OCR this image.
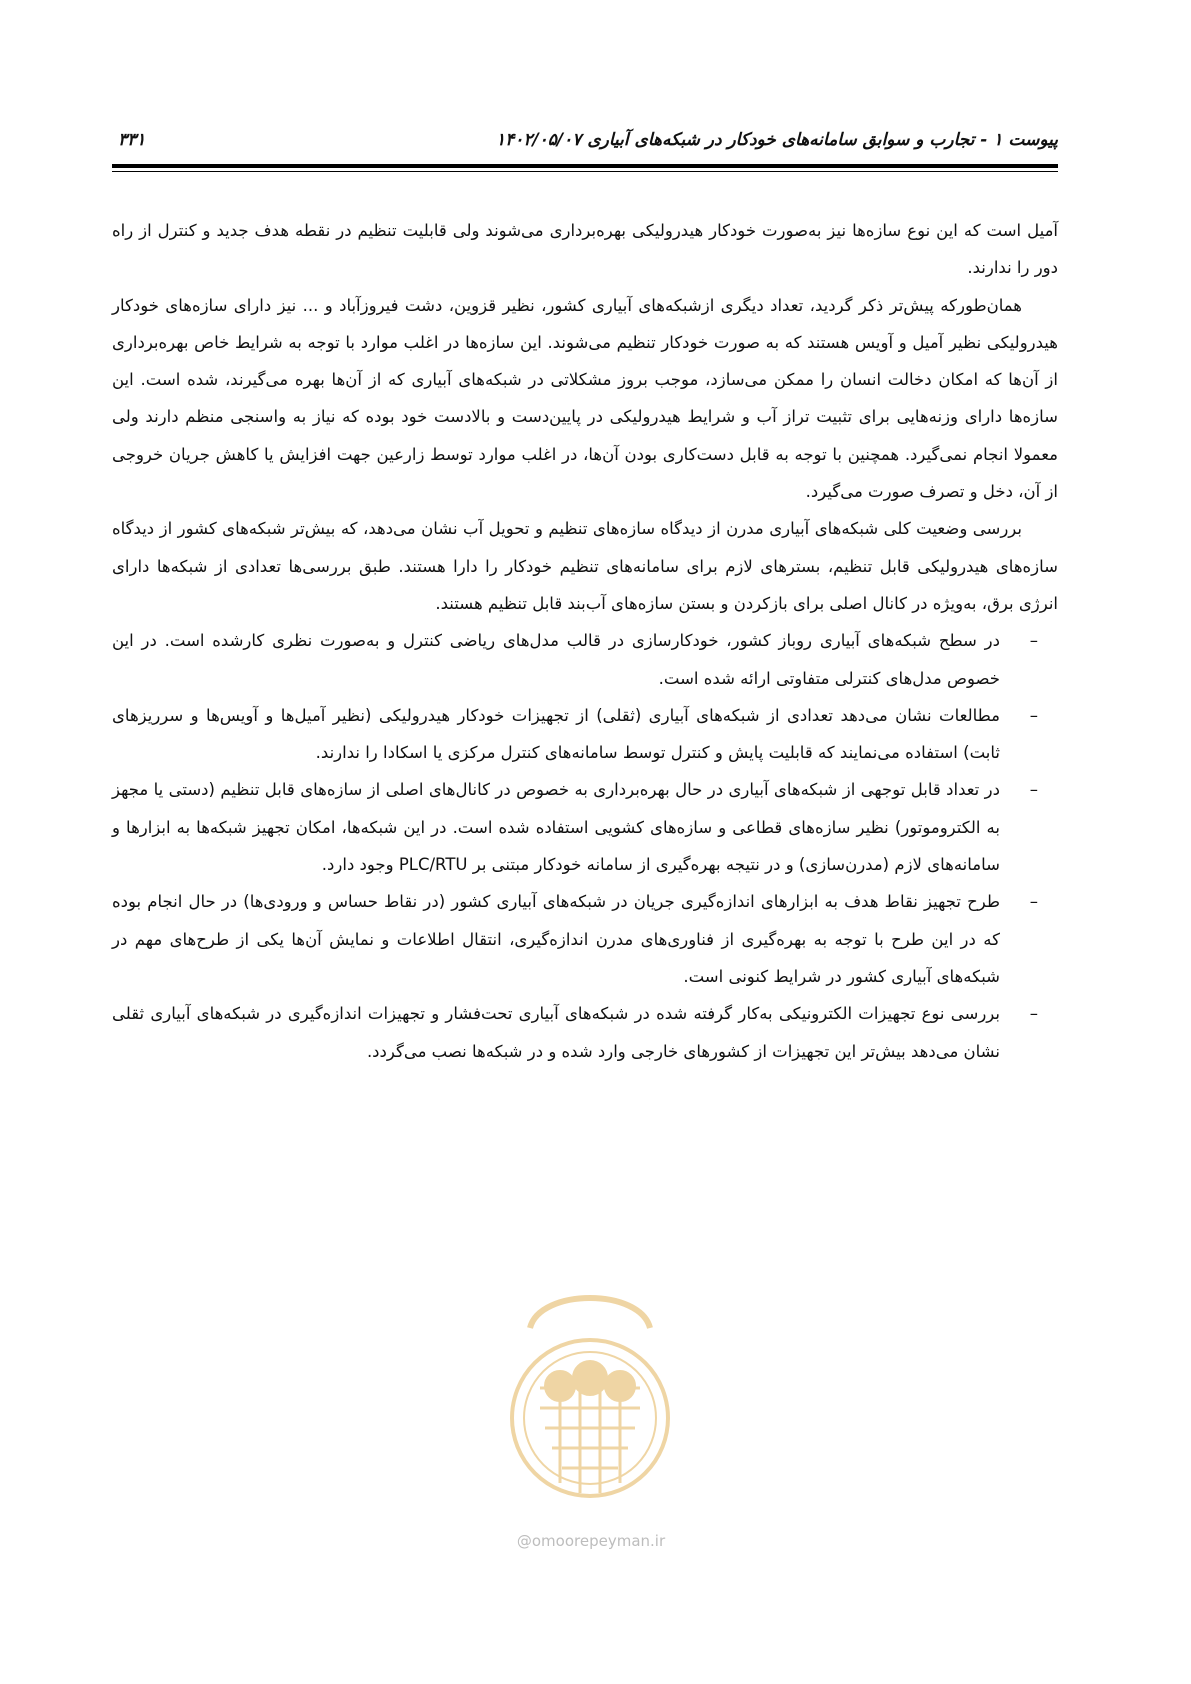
پیوست ۱ - تجارب و سوابق سامانه‌های خودکار در شبکه‌های آبیاری ۱۴۰۲/۰۵/۰۷
۳۳۱

آمیل است که این نوع سازه‌ها نیز به‌صورت خودکار هیدرولیکی بهره‌برداری می‌شوند ولی قابلیت تنظیم در نقطه هدف جدید و کنترل از راه دور را ندارند.

همان‌طورکه پیش‌تر ذکر گردید، تعداد دیگری ازشبکه‌های آبیاری کشور، نظیر قزوین، دشت فیروزآباد و ... نیز دارای سازه‌های خودکار هیدرولیکی نظیر آمیل و آویس هستند که به صورت خودکار تنظیم می‌شوند. این سازه‌ها در اغلب موارد با توجه به شرایط خاص بهره‌برداری از آن‌ها که امکان دخالت انسان را ممکن می‌سازد، موجب بروز مشکلاتی در شبکه‌های آبیاری که از آن‌ها بهره می‌گیرند، شده است. این سازه‌ها دارای وزنه‌هایی برای تثبیت تراز آب و شرایط هیدرولیکی در پایین‌دست و بالادست خود بوده که نیاز به واسنجی منظم دارند ولی معمولا انجام نمی‌گیرد. همچنین با توجه به قابل دست‌کاری بودن آن‌ها، در اغلب موارد توسط زارعین جهت افزایش یا کاهش جریان خروجی از آن، دخل و تصرف صورت می‌گیرد.

بررسی وضعیت کلی شبکه‌های آبیاری مدرن از دیدگاه سازه‌های تنظیم و تحویل آب نشان می‌دهد، که بیش‌تر شبکه‌های کشور از دیدگاه سازه‌های هیدرولیکی قابل تنظیم، بسترهای لازم برای سامانه‌های تنظیم خودکار را دارا هستند. طبق بررسی‌ها تعدادی از شبکه‌ها دارای انرژی برق، به‌ویژه در کانال اصلی برای بازکردن و بستن سازه‌های آب‌بند قابل تنظیم هستند.

–
در سطح شبکه‌های آبیاری روباز کشور، خودکارسازی در قالب مدل‌های ریاضی کنترل و به‌صورت نظری کارشده است. در این خصوص مدل‌های کنترلی متفاوتی ارائه شده است.
–
مطالعات نشان می‌دهد تعدادی از شبکه‌های آبیاری (ثقلی) از تجهیزات خودکار هیدرولیکی (نظیر آمیل‌ها و آویس‌ها و سرریزهای ثابت) استفاده می‌نمایند که قابلیت پایش و کنترل توسط سامانه‌های کنترل مرکزی یا اسکادا را ندارند.
–
در تعداد قابل توجهی از شبکه‌های آبیاری در حال بهره‌برداری به خصوص در کانال‌های اصلی از سازه‌های قابل تنظیم (دستی یا مجهز به الکتروموتور) نظیر سازه‌های قطاعی و سازه‌های کشویی استفاده شده است. در این شبکه‌ها، امکان تجهیز شبکه‌ها به ابزارها و سامانه‌های لازم (مدرن‌سازی) و در نتیجه بهره‌گیری از سامانه خودکار مبتنی بر PLC/RTU وجود دارد.
–
طرح تجهیز نقاط هدف به ابزارهای اندازه‌گیری جریان در شبکه‌های آبیاری کشور (در نقاط حساس و ورودی‌ها) در حال انجام بوده که در این طرح با توجه به بهره‌گیری از فناوری‌های مدرن اندازه‌گیری، انتقال اطلاعات و نمایش آن‌ها یکی از طرح‌های مهم در شبکه‌های آبیاری کشور در شرایط کنونی است.
–
بررسی نوع تجهیزات الکترونیکی به‌کار گرفته شده در شبکه‌های آبیاری تحت‌فشار و تجهیزات اندازه‌گیری در شبکه‌های آبیاری ثقلی نشان می‌دهد بیش‌تر این تجهیزات از کشورهای خارجی وارد شده و در شبکه‌ها نصب می‌گردد.
@omoorepeyman.ir
